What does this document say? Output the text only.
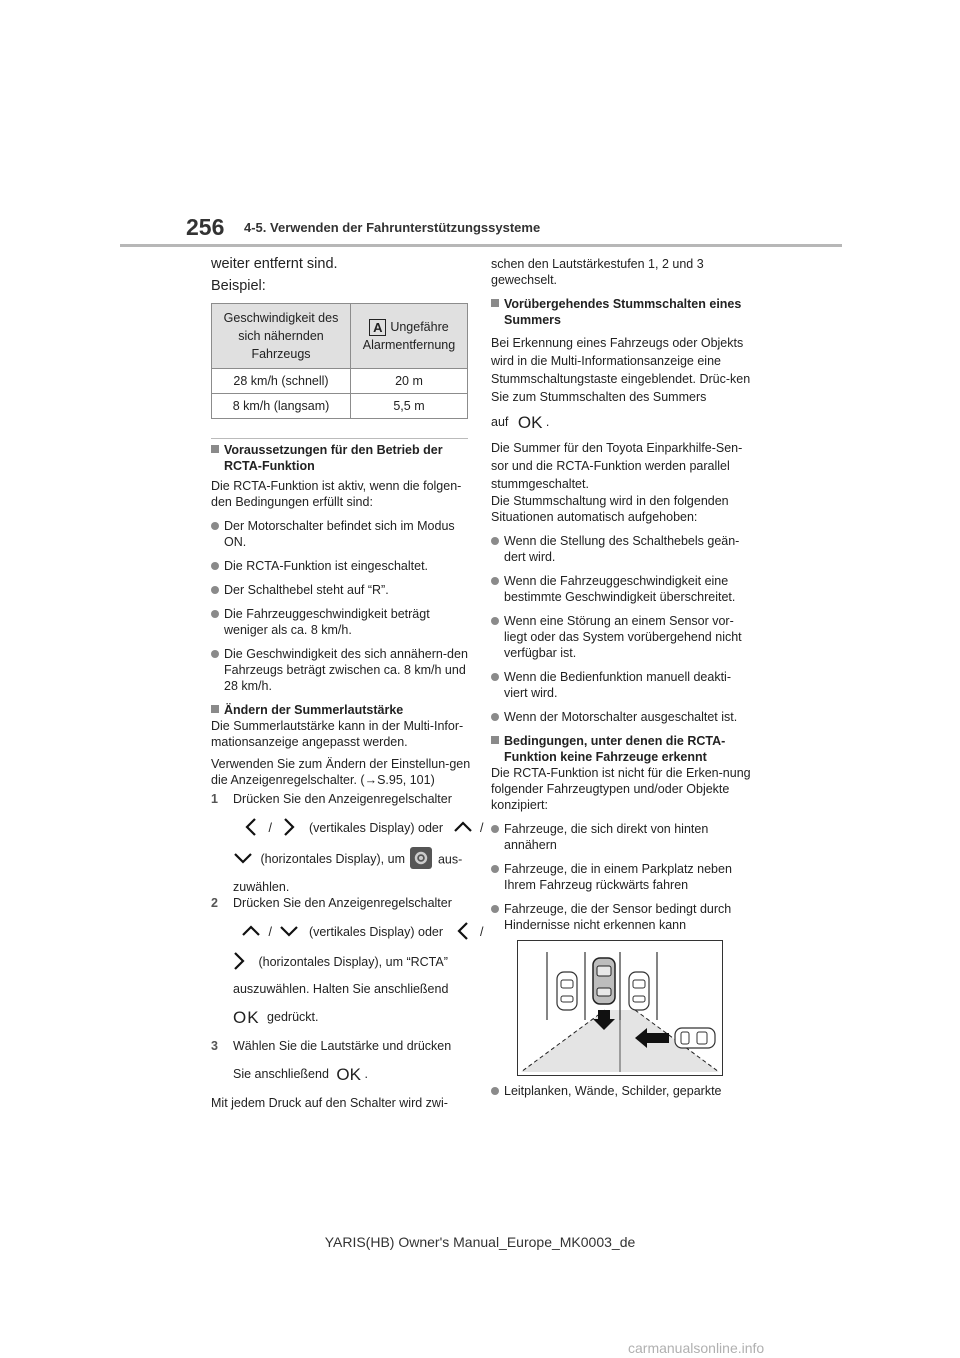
256 4-5. Verwenden der Fahrunterstützungssysteme
weiter entfernt sind.
Beispiel:
Geschwindigkeit des sich nähernden Fahrzeugs	A Ungefähre Alarmentfernung
28 km/h (schnell)	20 m
8 km/h (langsam)	5,5 m

Voraussetzungen für den Betrieb der RCTA-Funktion

Die RCTA-Funktion ist aktiv, wenn die folgen-den Bedingungen erfüllt sind:

Der Motorschalter befindet sich im Modus ON.

Die RCTA-Funktion ist eingeschaltet.

Der Schalthebel steht auf “R”.

Die Fahrzeuggeschwindigkeit beträgt weniger als ca. 8 km/h.

Die Geschwindigkeit des sich annähern-den Fahrzeugs beträgt zwischen ca. 8 km/h und 28 km/h.

Ändern der Summerlautstärke

Die Summerlautstärke kann in der Multi-Infor-mationsanzeige angepasst werden.

Verwenden Sie zum Ändern der Einstellun-gen die Anzeigenregelschalter. (→S.95, 101)

1 Drücken Sie den Anzeigenregelschalter
/	(vertikales Display) oder	/
(horizontales Display), um	aus-
zuwählen.
2 Drücken Sie den Anzeigenregelschalter
/	(vertikales Display) oder	/
(horizontales Display), um “RCTA”
auszuwählen. Halten Sie anschließend
OK gedrückt.
3 Wählen Sie die Lautstärke und drücken
Sie anschließend OK .
Mit jedem Druck auf den Schalter wird zwi-

schen den Lautstärkestufen 1, 2 und 3 gewechselt.

Vorübergehendes Stummschalten eines Summers

Bei Erkennung eines Fahrzeugs oder Objekts wird in die Multi-Informationsanzeige eine Stummschaltungstaste eingeblendet. Drüc-ken Sie zum Stummschalten des Summers

auf OK .

Die Summer für den Toyota Einparkhilfe-Sen-sor und die RCTA-Funktion werden parallel stummgeschaltet.

Die Stummschaltung wird in den folgenden Situationen automatisch aufgehoben:

Wenn die Stellung des Schalthebels geän-dert wird.

Wenn die Fahrzeuggeschwindigkeit eine bestimmte Geschwindigkeit überschreitet.

Wenn eine Störung an einem Sensor vor-liegt oder das System vorübergehend nicht verfügbar ist.

Wenn die Bedienfunktion manuell deakti-viert wird.

Wenn der Motorschalter ausgeschaltet ist.

Bedingungen, unter denen die RCTA-Funktion keine Fahrzeuge erkennt

Die RCTA-Funktion ist nicht für die Erken-nung folgender Fahrzeugtypen und/oder Objekte konzipiert:

Fahrzeuge, die sich direkt von hinten annähern

Fahrzeuge, die in einem Parkplatz neben Ihrem Fahrzeug rückwärts fahren

Fahrzeuge, die der Sensor bedingt durch Hindernisse nicht erkennen kann

Leitplanken, Wände, Schilder, geparkte

YARIS(HB) Owner's Manual_Europe_MK0003_de
carmanualsonline.info
